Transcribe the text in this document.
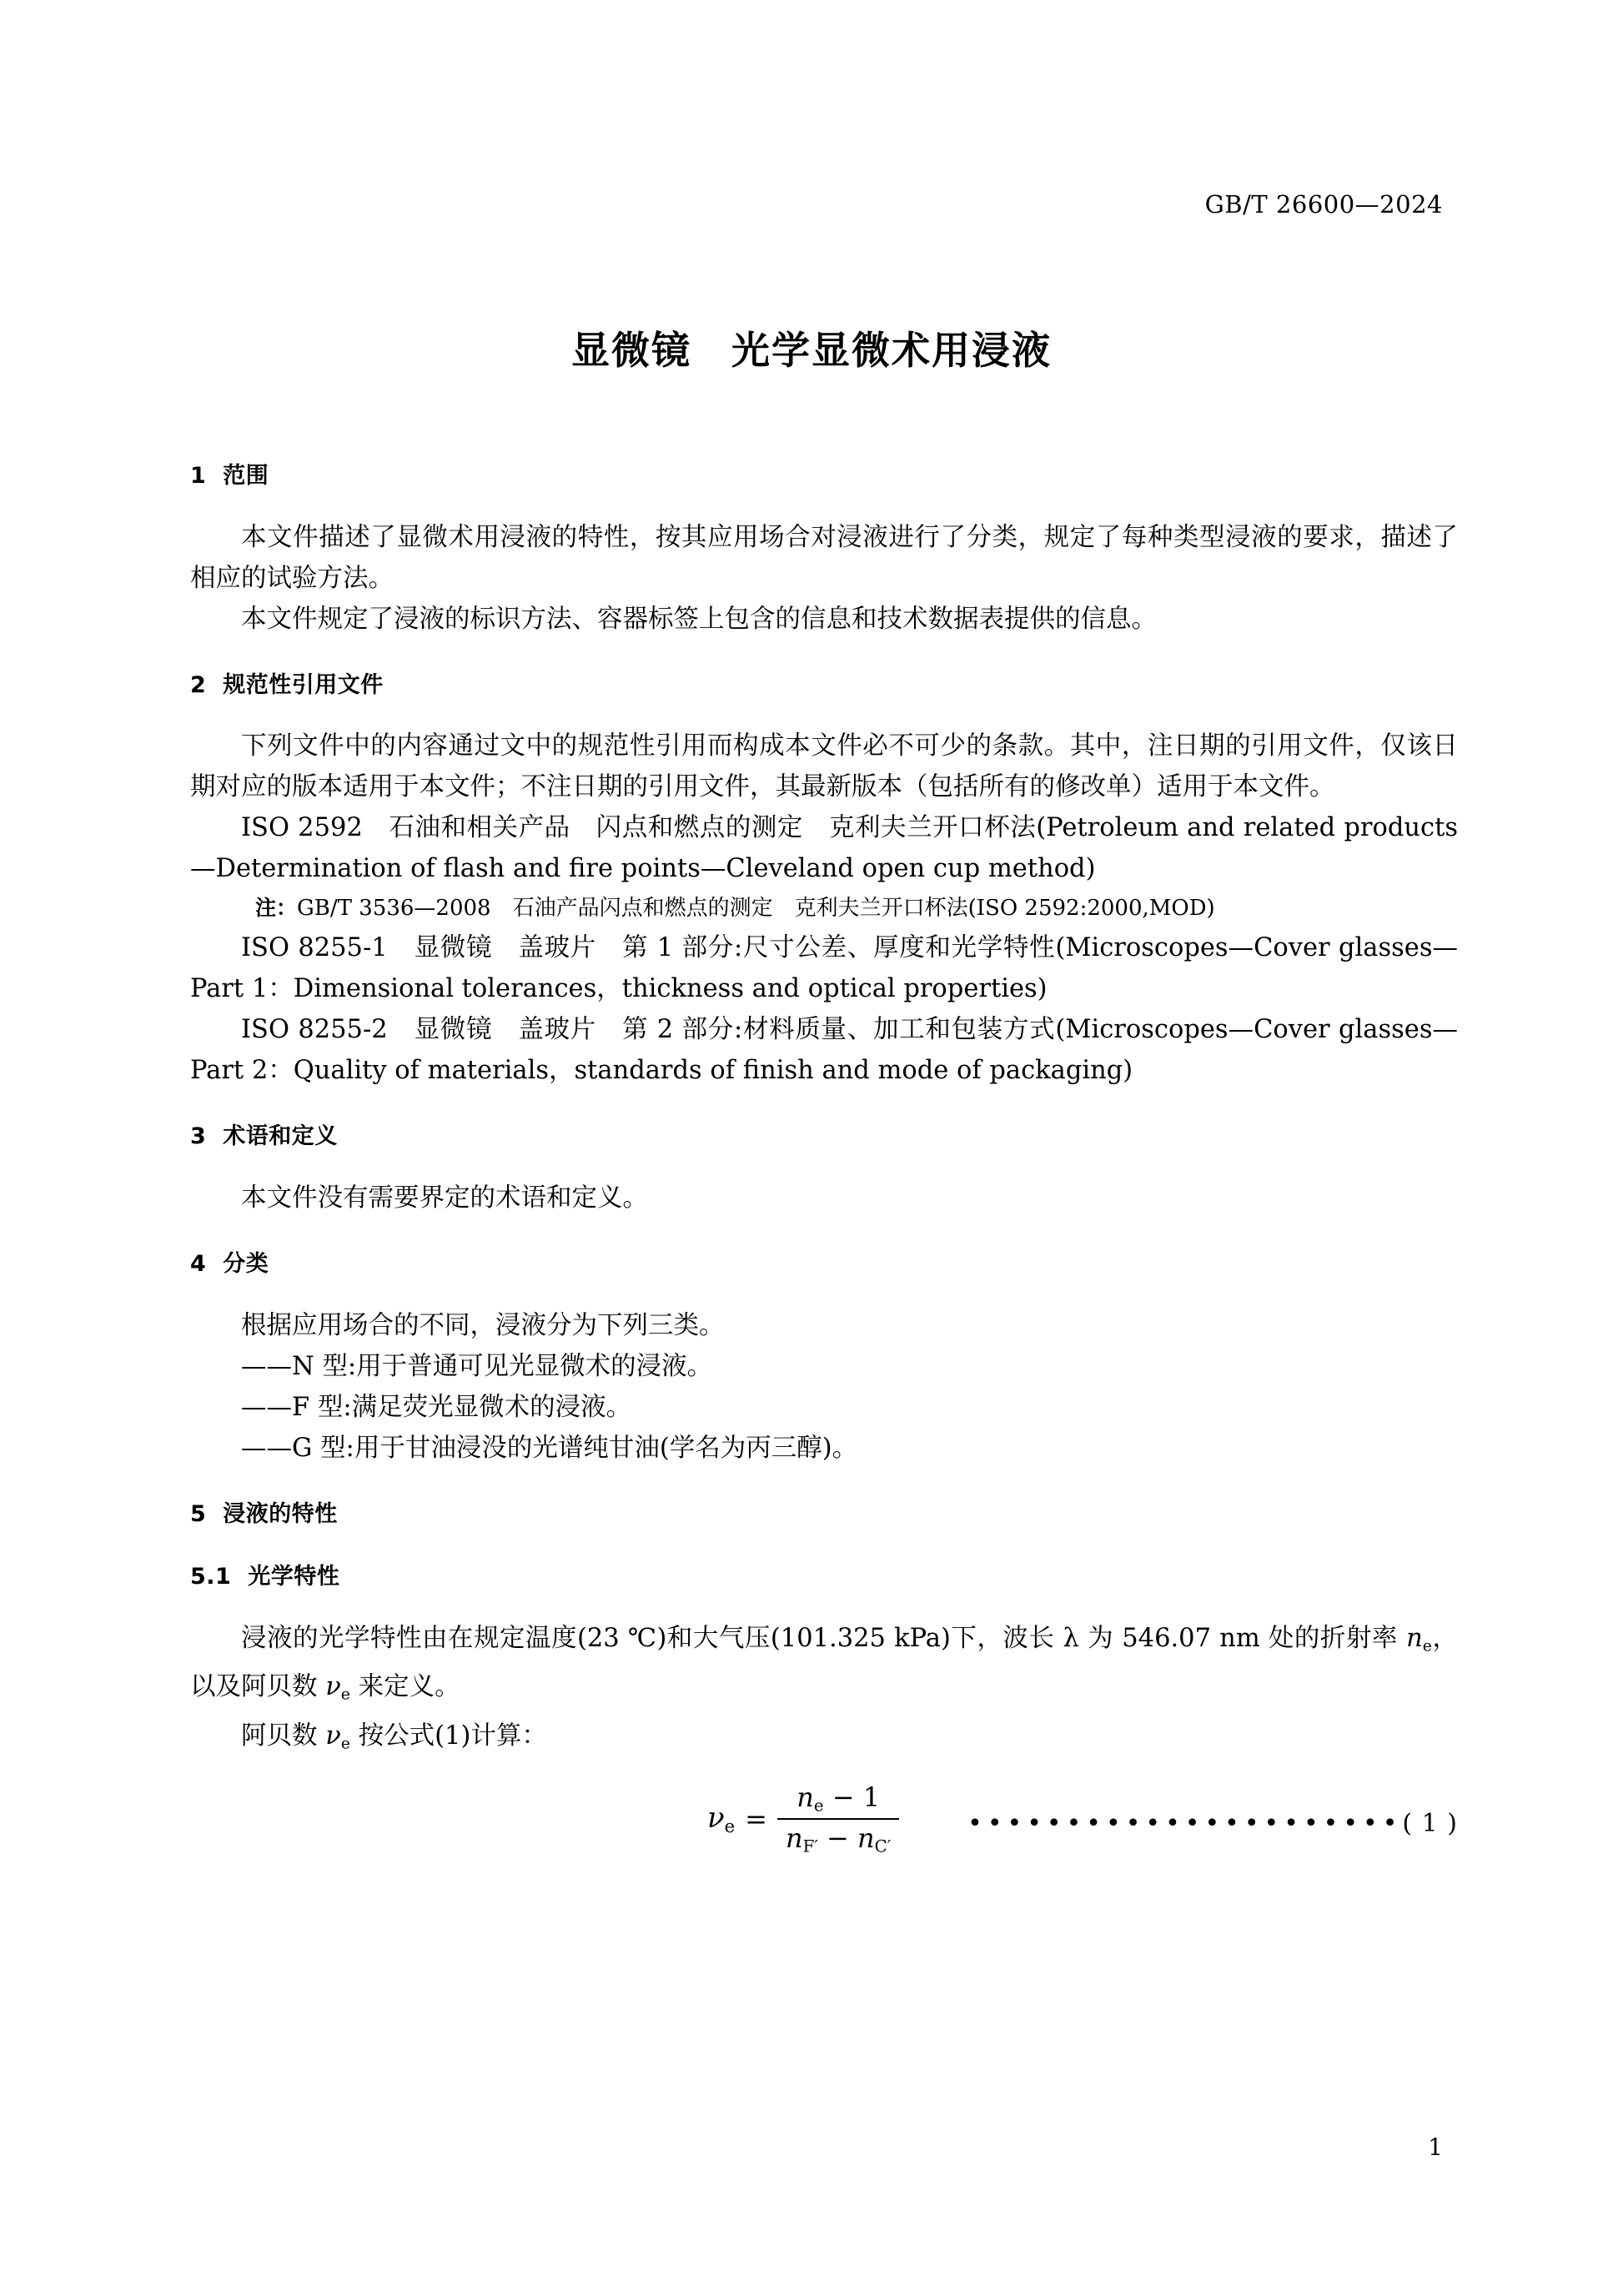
GB/T 26600—2024
显微镜　光学显微术用浸液
1 范围

本文件描述了显微术用浸液的特性，按其应用场合对浸液进行了分类，规定了每种类型浸液的要求，描述了相应的试验方法。

本文件规定了浸液的标识方法、容器标签上包含的信息和技术数据表提供的信息。

2 规范性引用文件

下列文件中的内容通过文中的规范性引用而构成本文件必不可少的条款。其中，注日期的引用文件，仅该日期对应的版本适用于本文件；不注日期的引用文件，其最新版本（包括所有的修改单）适用于本文件。

ISO 2592　石油和相关产品　闪点和燃点的测定　克利夫兰开口杯法(Petroleum and related products—Determination of flash and fire points—Cleveland open cup method)

注：GB/T 3536—2008　石油产品闪点和燃点的测定　克利夫兰开口杯法(ISO 2592:2000,MOD)

ISO 8255-1　显微镜　盖玻片　第 1 部分:尺寸公差、厚度和光学特性(Microscopes—Cover glasses—Part 1：Dimensional tolerances，thickness and optical properties)

ISO 8255-2　显微镜　盖玻片　第 2 部分:材料质量、加工和包装方式(Microscopes—Cover glasses—Part 2：Quality of materials，standards of finish and mode of packaging)

3 术语和定义

本文件没有需要界定的术语和定义。

4 分类

根据应用场合的不同，浸液分为下列三类。

——N 型:用于普通可见光显微术的浸液。

——F 型:满足荧光显微术的浸液。

——G 型:用于甘油浸没的光谱纯甘油(学名为丙三醇)。

5 浸液的特性
5.1 光学特性

浸液的光学特性由在规定温度(23 ℃)和大气压(101.325 kPa)下，波长 λ 为 546.07 nm 处的折射率 $n_e$，以及阿贝数 $\nu_e$ 来定义。

阿贝数 $\nu_e$ 按公式(1)计算：

$\nu_e = \frac{n_e - 1}{n_{F'} - n_{C'}}$	••••••••••••••••••••••( 1 )
1
